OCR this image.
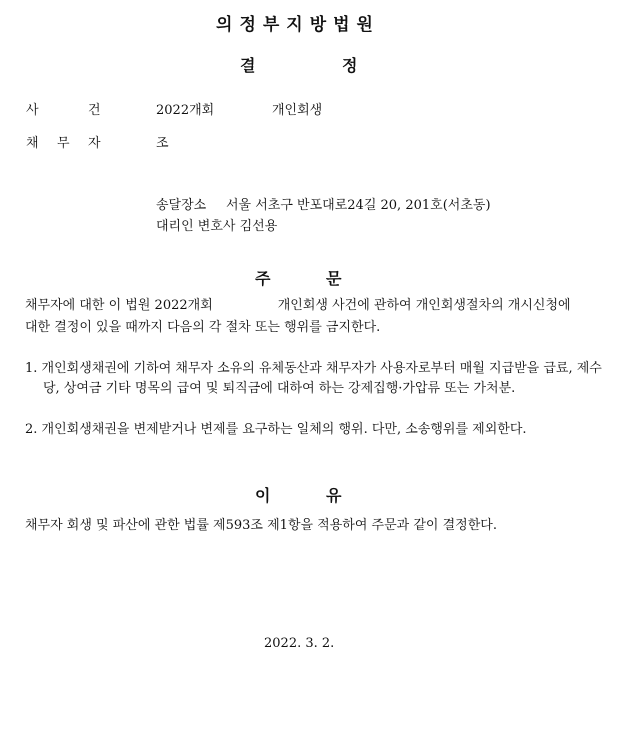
의정부지방법원
결	정
사	건	2022개회	개인회생
채 무 자	조
송달장소 서울 서초구 반포대로24길 20, 201호(서초동)
대리인 변호사 김선용
주	문
채무자에 대한 이 법원 2022개회　　　　　개인회생 사건에 관하여 개인회생절차의 개시신청에 대한 결정이 있을 때까지 다음의 각 절차 또는 행위를 금지한다.
1. 개인회생채권에 기하여 채무자 소유의 유체동산과 채무자가 사용자로부터 매월 지급받을 급료, 제수당, 상여금 기타 명목의 급여 및 퇴직금에 대하여 하는 강제집행·가압류 또는 가처분.
2. 개인회생채권을 변제받거나 변제를 요구하는 일체의 행위. 다만, 소송행위를 제외한다.
이	유
채무자 회생 및 파산에 관한 법률 제593조 제1항을 적용하여 주문과 같이 결정한다.
2022. 3. 2.
